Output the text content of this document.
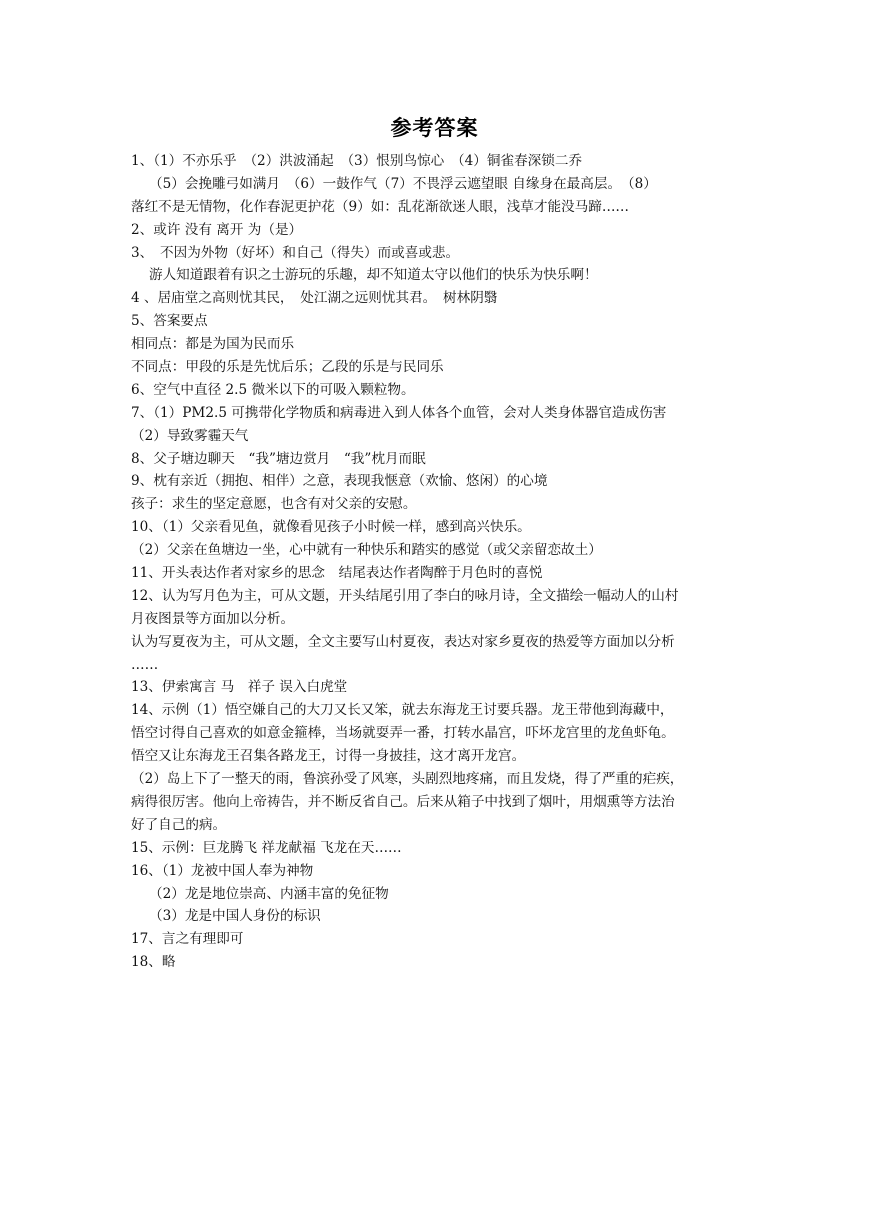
参考答案
1、（1）不亦乐乎　（2）洪波涌起　（3）恨别鸟惊心　（4）铜雀春深锁二乔
（5）会挽雕弓如满月　（6）一鼓作气（7）不畏浮云遮望眼 自缘身在最高层。　（8）
落红不是无情物，化作春泥更护花（9）如：乱花渐欲迷人眼，浅草才能没马蹄……
2、或许 没有 离开 为（是）
3、　不因为外物（好坏）和自己（得失）而或喜或悲。
游人知道跟着有识之士游玩的乐趣，却不知道太守以他们的快乐为快乐啊！
4 、居庙堂之高则忧其民，　处江湖之远则忧其君。　树林阴翳
5、答案要点
相同点：都是为国为民而乐
不同点：甲段的乐是先忧后乐；乙段的乐是与民同乐
6、空气中直径 2.5 微米以下的可吸入颗粒物。
7、（1）PM2.5 可携带化学物质和病毒进入到人体各个血管，会对人类身体器官造成伤害
（2）导致雾霾天气
8、父子塘边聊天　“我”塘边赏月　“我”枕月而眠
9、枕有亲近（拥抱、相伴）之意，表现我惬意（欢愉、悠闲）的心境
孩子：求生的坚定意愿，也含有对父亲的安慰。
10、（1）父亲看见鱼，就像看见孩子小时候一样，感到高兴快乐。
（2）父亲在鱼塘边一坐，心中就有一种快乐和踏实的感觉（或父亲留恋故土）
11、开头表达作者对家乡的思念　结尾表达作者陶醉于月色时的喜悦
12、认为写月色为主，可从文题，开头结尾引用了李白的咏月诗，全文描绘一幅动人的山村
月夜图景等方面加以分析。
认为写夏夜为主，可从文题，全文主要写山村夏夜，表达对家乡夏夜的热爱等方面加以分析
……
13、伊索寓言 马　祥子 误入白虎堂
14、示例（1）悟空嫌自己的大刀又长又笨，就去东海龙王讨要兵器。龙王带他到海藏中，
悟空讨得自己喜欢的如意金箍棒，当场就耍弄一番，打转水晶宫，吓坏龙宫里的龙鱼虾龟。
悟空又让东海龙王召集各路龙王，讨得一身披挂，这才离开龙宫。
（2）岛上下了一整天的雨，鲁滨孙受了风寒，头剧烈地疼痛，而且发烧，得了严重的疟疾，
病得很厉害。他向上帝祷告，并不断反省自己。后来从箱子中找到了烟叶，用烟熏等方法治
好了自己的病。
15、示例：巨龙腾飞 祥龙献福 飞龙在天……
16、（1）龙被中国人奉为神物
（2）龙是地位崇高、内涵丰富的免征物
（3）龙是中国人身份的标识
17、言之有理即可
18、略
